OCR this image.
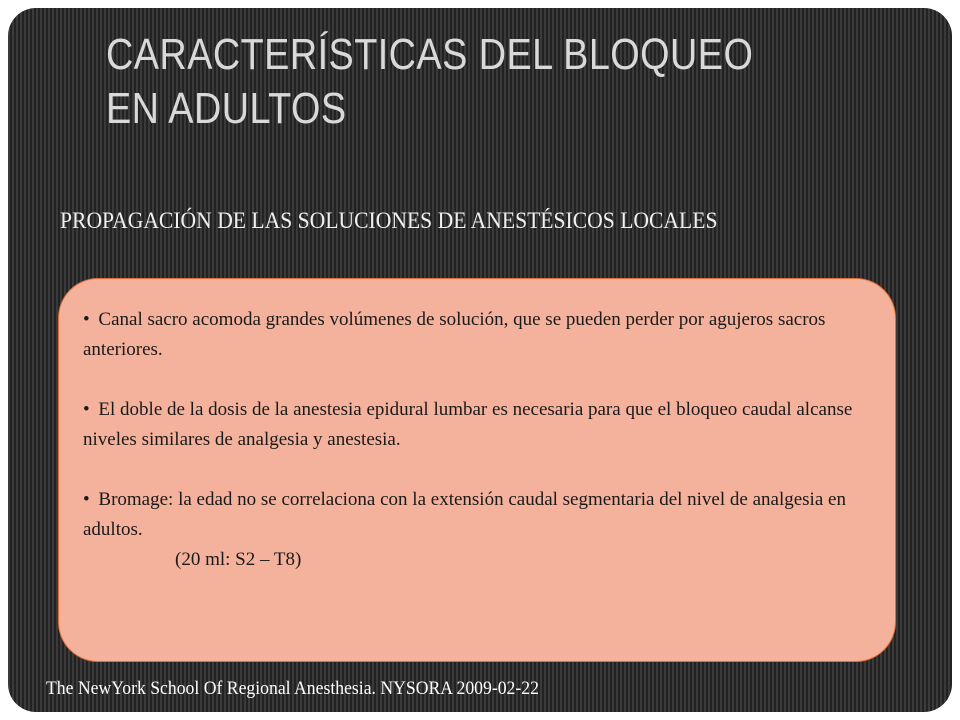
CARACTERÍSTICAS DEL BLOQUEO EN ADULTOS
PROPAGACIÓN DE LAS SOLUCIONES DE ANESTÉSICOS LOCALES
• Canal sacro acomoda grandes volúmenes de solución, que se pueden perder por agujeros sacros anteriores.
• El doble de la dosis de la anestesia epidural lumbar es necesaria para que el bloqueo caudal alcanse niveles similares de analgesia y anestesia.
• Bromage: la edad no se correlaciona con la extensión caudal segmentaria del nivel de analgesia en adultos.
(20 ml: S2 – T8)

The NewYork School Of Regional Anesthesia. NYSORA 2009-02-22
